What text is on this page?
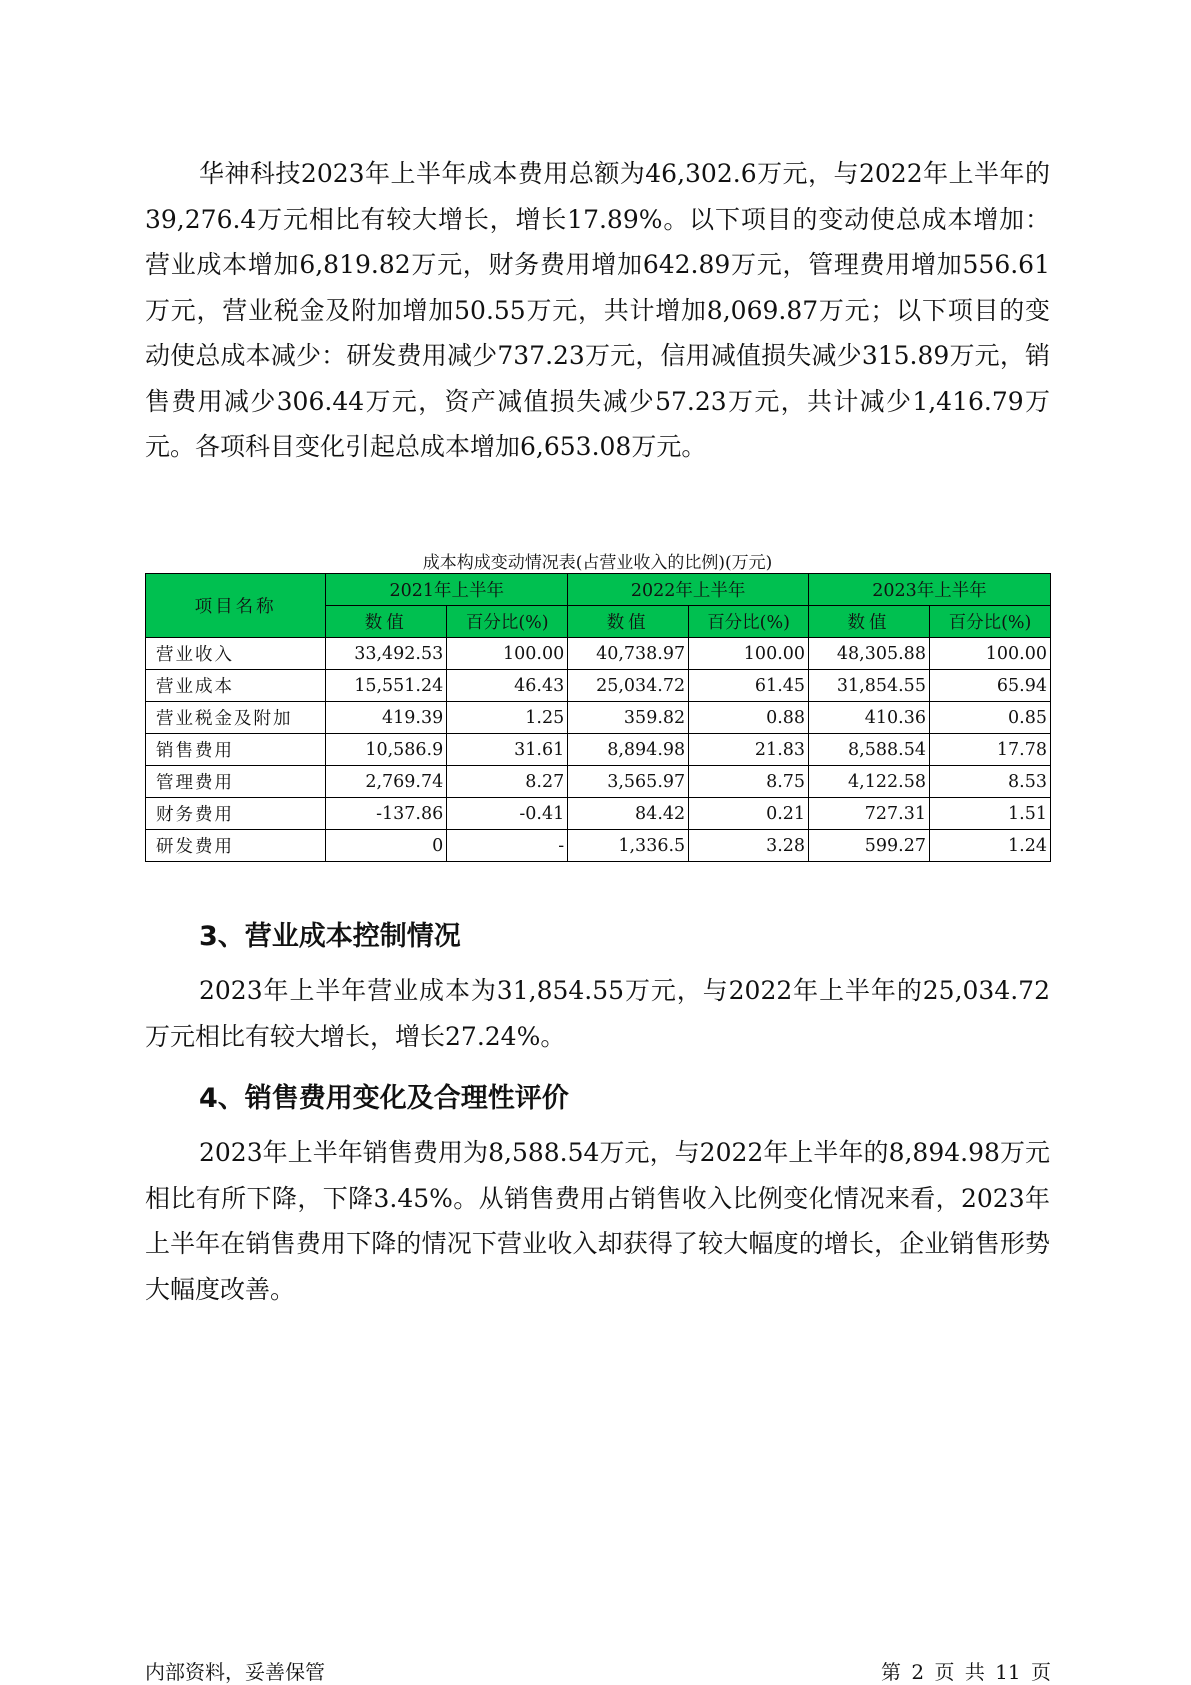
华神科技2023年上半年成本费用总额为46,302.6万元，与2022年上半年的39,276.4万元相比有较大增长，增长17.89%。以下项目的变动使总成本增加：营业成本增加6,819.82万元，财务费用增加642.89万元，管理费用增加556.61万元，营业税金及附加增加50.55万元，共计增加8,069.87万元；以下项目的变动使总成本减少：研发费用减少737.23万元，信用减值损失减少315.89万元，销售费用减少306.44万元，资产减值损失减少57.23万元，共计减少1,416.79万元。各项科目变化引起总成本增加6,653.08万元。

成本构成变动情况表(占营业收入的比例)(万元)
项目名称	2021年上半年		2022年上半年		2023年上半年	
	数值	百分比(%)	数值	百分比(%)	数值	百分比(%)
营业收入	33,492.53	100.00	40,738.97	100.00	48,305.88	100.00
营业成本	15,551.24	46.43	25,034.72	61.45	31,854.55	65.94
营业税金及附加	419.39	1.25	359.82	0.88	410.36	0.85
销售费用	10,586.9	31.61	8,894.98	21.83	8,588.54	17.78
管理费用	2,769.74	8.27	3,565.97	8.75	4,122.58	8.53
财务费用	-137.86	-0.41	84.42	0.21	727.31	1.51
研发费用	0	-	1,336.5	3.28	599.27	1.24
3、营业成本控制情况

2023年上半年营业成本为31,854.55万元，与2022年上半年的25,034.72万元相比有较大增长，增长27.24%。

4、销售费用变化及合理性评价

2023年上半年销售费用为8,588.54万元，与2022年上半年的8,894.98万元相比有所下降，下降3.45%。从销售费用占销售收入比例变化情况来看，2023年上半年在销售费用下降的情况下营业收入却获得了较大幅度的增长，企业销售形势大幅度改善。

内部资料，妥善保管	第 2 页 共 11 页
